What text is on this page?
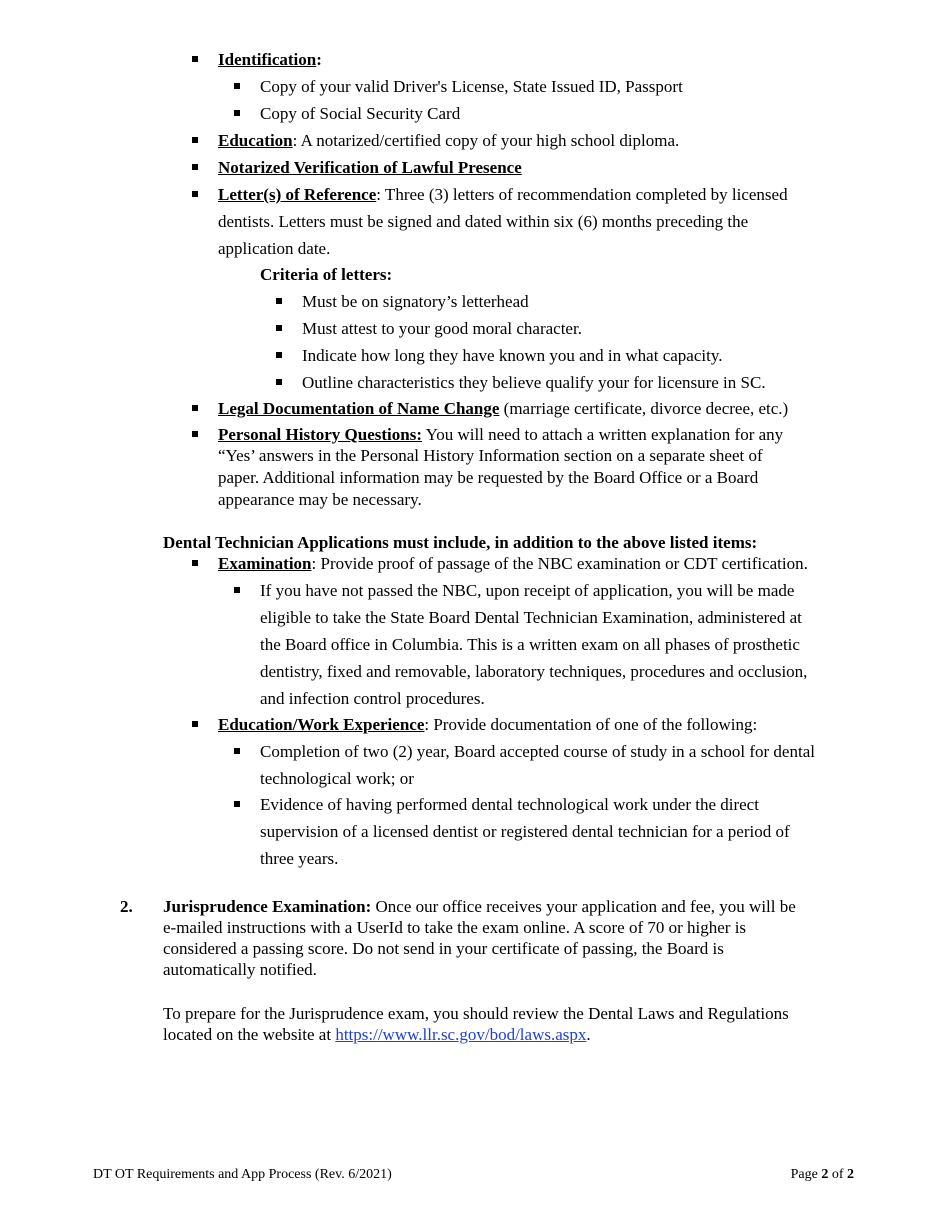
Identification:
Copy of your valid Driver's License, State Issued ID, Passport
Copy of Social Security Card
Education: A notarized/certified copy of your high school diploma.
Notarized Verification of Lawful Presence
Letter(s) of Reference: Three (3) letters of recommendation completed by licensed
dentists. Letters must be signed and dated within six (6) months preceding the
application date.
Criteria of letters:
Must be on signatory’s letterhead
Must attest to your good moral character.
Indicate how long they have known you and in what capacity.
Outline characteristics they believe qualify your for licensure in SC.
Legal Documentation of Name Change (marriage certificate, divorce decree, etc.)
Personal History Questions: You will need to attach a written explanation for any
“Yes’ answers in the Personal History Information section on a separate sheet of
paper. Additional information may be requested by the Board Office or a Board
appearance may be necessary.
Dental Technician Applications must include, in addition to the above listed items:
Examination: Provide proof of passage of the NBC examination or CDT certification.
If you have not passed the NBC, upon receipt of application, you will be made
eligible to take the State Board Dental Technician Examination, administered at
the Board office in Columbia. This is a written exam on all phases of prosthetic
dentistry, fixed and removable, laboratory techniques, procedures and occlusion,
and infection control procedures.
Education/Work Experience: Provide documentation of one of the following:
Completion of two (2) year, Board accepted course of study in a school for dental
technological work; or
Evidence of having performed dental technological work under the direct
supervision of a licensed dentist or registered dental technician for a period of
three years.
2. Jurisprudence Examination: Once our office receives your application and fee, you will be
e-mailed instructions with a UserId to take the exam online. A score of 70 or higher is
considered a passing score. Do not send in your certificate of passing, the Board is
automatically notified.
To prepare for the Jurisprudence exam, you should review the Dental Laws and Regulations
located on the website at https://www.llr.sc.gov/bod/laws.aspx.
DT OT Requirements and App Process (Rev. 6/2021)	Page 2 of 2
